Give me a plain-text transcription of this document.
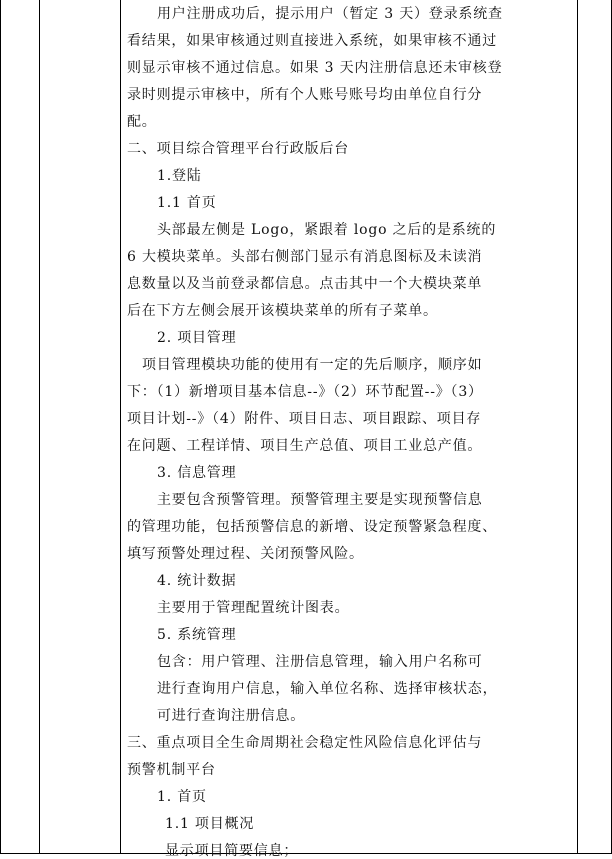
用户注册成功后，提示用户（暂定 3 天）登录系统查
看结果，如果审核通过则直接进入系统，如果审核不通过
则显示审核不通过信息。如果 3 天内注册信息还未审核登
录时则提示审核中，所有个人账号账号均由单位自行分
配。
二、项目综合管理平台行政版后台
1.登陆
1.1 首页
头部最左侧是 Logo，紧跟着 logo 之后的是系统的
6 大模块菜单。头部右侧部门显示有消息图标及未读消
息数量以及当前登录都信息。点击其中一个大模块菜单
后在下方左侧会展开该模块菜单的所有子菜单。
2. 项目管理
项目管理模块功能的使用有一定的先后顺序，顺序如
下：（1）新增项目基本信息--》（2）环节配置--》（3）
项目计划--》（4）附件、项目日志、项目跟踪、项目存
在问题、工程详情、项目生产总值、项目工业总产值。
3. 信息管理
主要包含预警管理。预警管理主要是实现预警信息
的管理功能，包括预警信息的新增、设定预警紧急程度、
填写预警处理过程、关闭预警风险。
4. 统计数据
主要用于管理配置统计图表。
5. 系统管理
包含：用户管理、注册信息管理，输入用户名称可
进行查询用户信息，输入单位名称、选择审核状态，
可进行查询注册信息。
三、重点项目全生命周期社会稳定性风险信息化评估与
预警机制平台
1. 首页
1.1 项目概况
显示项目简要信息；
